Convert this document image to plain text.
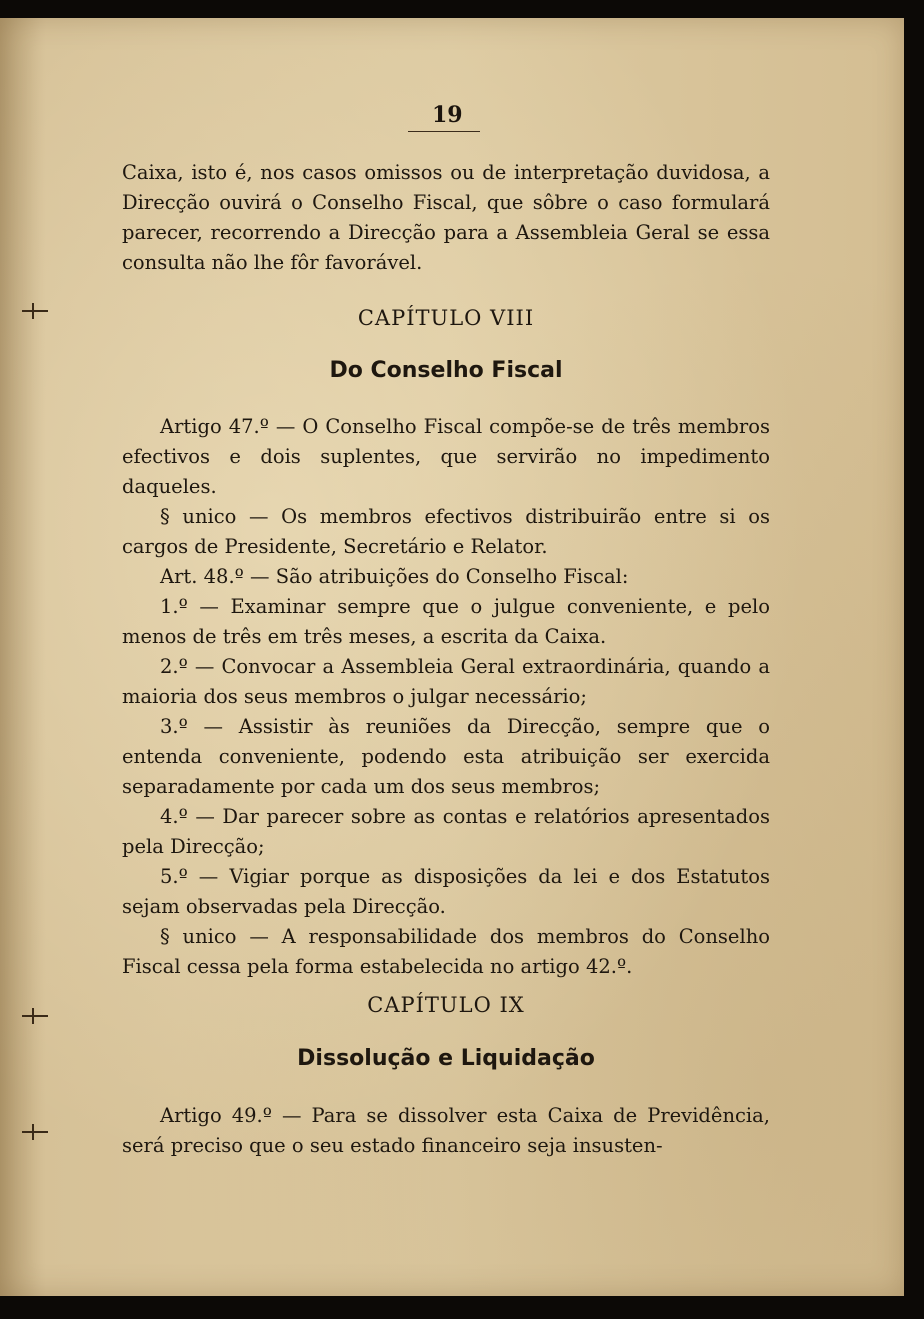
19

Caixa, isto é, nos casos omissos ou de interpretação duvidosa, a Direcção ouvirá o Conselho Fiscal, que sôbre o caso formulará parecer, recorrendo a Direcção para a Assembleia Geral se essa consulta não lhe fôr favorável.

CAPÍTULO VIII
Do Conselho Fiscal

Artigo 47.º — O Conselho Fiscal compõe-se de três membros efectivos e dois suplentes, que servirão no impedimento daqueles.

§ unico — Os membros efectivos distribuirão entre si os cargos de Presidente, Secretário e Relator.

Art. 48.º — São atribuições do Conselho Fiscal:

1.º — Examinar sempre que o julgue conveniente, e pelo menos de três em três meses, a escrita da Caixa.

2.º — Convocar a Assembleia Geral extraordinária, quando a maioria dos seus membros o julgar necessário;

3.º — Assistir às reuniões da Direcção, sempre que o entenda conveniente, podendo esta atribuição ser exercida separadamente por cada um dos seus membros;

4.º — Dar parecer sobre as contas e relatórios apresentados pela Direcção;

5.º — Vigiar porque as disposições da lei e dos Estatutos sejam observadas pela Direcção.

§ unico — A responsabilidade dos membros do Conselho Fiscal cessa pela forma estabelecida no artigo 42.º.

CAPÍTULO IX
Dissolução e Liquidação

Artigo 49.º — Para se dissolver esta Caixa de Previdência, será preciso que o seu estado financeiro seja insusten-
